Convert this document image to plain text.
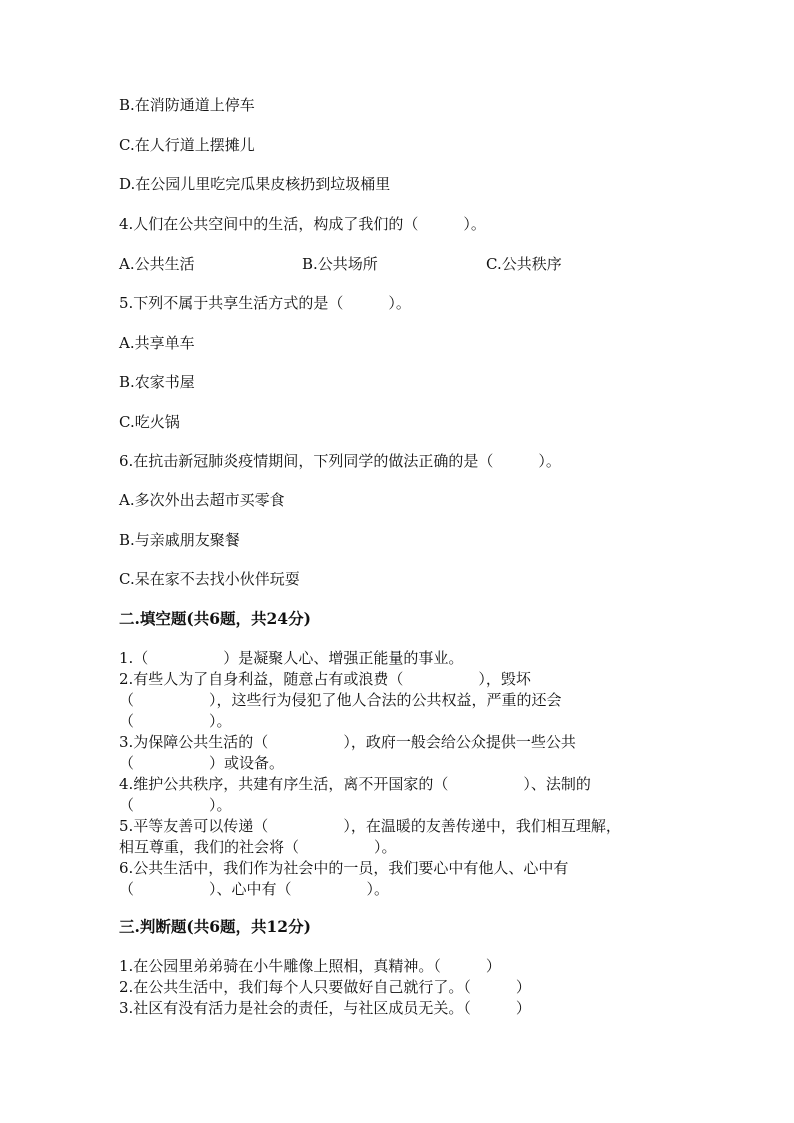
B.在消防通道上停车
C.在人行道上摆摊儿
D.在公园儿里吃完瓜果皮核扔到垃圾桶里
4.人们在公共空间中的生活，构成了我们的（　　　）。
A.公共生活	B.公共场所	C.公共秩序
5.下列不属于共享生活方式的是（　　　）。
A.共享单车
B.农家书屋
C.吃火锅
6.在抗击新冠肺炎疫情期间，下列同学的做法正确的是（　　　）。
A.多次外出去超市买零食
B.与亲戚朋友聚餐
C.呆在家不去找小伙伴玩耍
二.填空题(共6题，共24分)
1.（　　　　　）是凝聚人心、增强正能量的事业。
2.有些人为了自身利益，随意占有或浪费（　　　　　），毁坏
（　　　　　），这些行为侵犯了他人合法的公共权益，严重的还会
（　　　　　）。
3.为保障公共生活的（　　　　　），政府一般会给公众提供一些公共
（　　　　　）或设备。
4.维护公共秩序，共建有序生活，离不开国家的（　　　　　）、法制的
（　　　　　）。
5.平等友善可以传递（　　　　　），在温暖的友善传递中，我们相互理解，
相互尊重，我们的社会将（　　　　　）。
6.公共生活中，我们作为社会中的一员，我们要心中有他人、心中有
（　　　　　）、心中有（　　　　　）。
三.判断题(共6题，共12分)
1.在公园里弟弟骑在小牛雕像上照相，真精神。（　　　）
2.在公共生活中，我们每个人只要做好自己就行了。（　　　）
3.社区有没有活力是社会的责任，与社区成员无关。（　　　）
